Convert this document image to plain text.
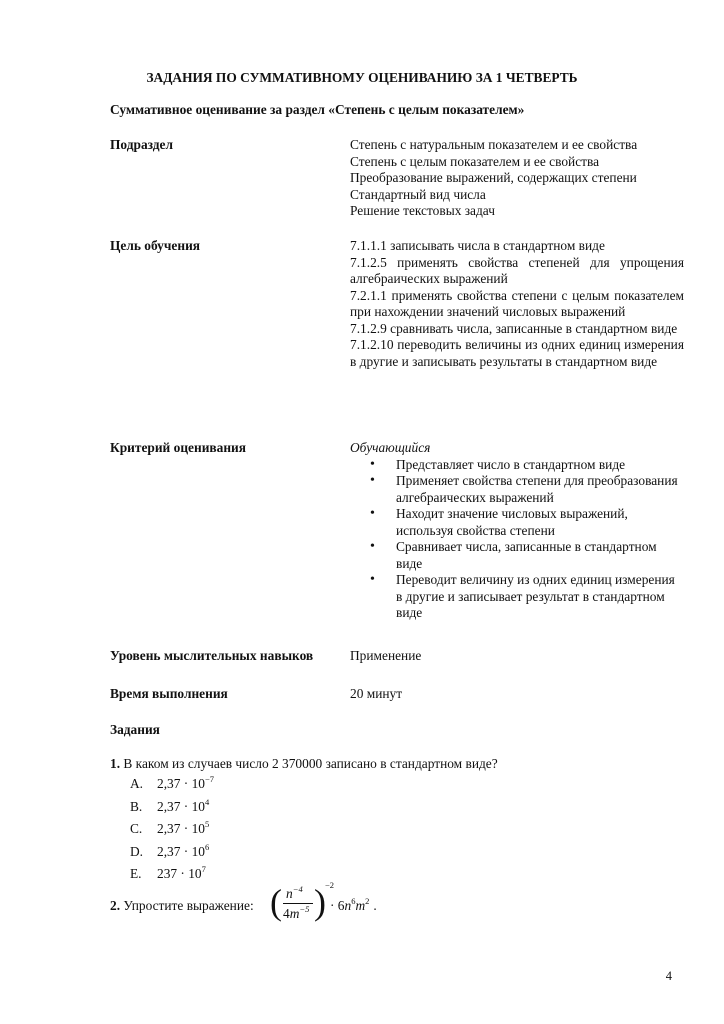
ЗАДАНИЯ ПО СУММАТИВНОМУ ОЦЕНИВАНИЮ ЗА 1 ЧЕТВЕРТЬ
Суммативное оценивание за раздел «Степень с целым показателем»
Подраздел	Степень с натуральным показателем и ее свойства
Степень с целым показателем и ее свойства
Преобразование выражений, содержащих степени
Стандартный вид числа
Решение текстовых задач
Цель обучения	7.1.1.1 записывать числа в стандартном виде
7.1.2.5 применять свойства степеней для упрощения алгебраических выражений
7.2.1.1 применять свойства степени с целым показателем при нахождении значений числовых выражений
7.1.2.9 сравнивать числа, записанные в стандартном виде
7.1.2.10 переводить величины из одних единиц измерения в другие и записывать результаты в стандартном виде
Критерий оценивания	Обучающийся
• Представляет число в стандартном виде
• Применяет свойства степени для преобразования алгебраических выражений
• Находит значение числовых выражений, используя свойства степени
• Сравнивает числа, записанные в стандартном виде
• Переводит величину из одних единиц измерения в другие и записывает результат в стандартном виде
Уровень мыслительных навыков	Применение
Время выполнения	20 минут
Задания
1. В каком из случаев число 2 370000 записано в стандартном виде?
A.	$2,37 \cdot 10^{-7}$
B.	$2,37 \cdot 10^4$
C.	$2,37 \cdot 10^5$
D.	$2,37 \cdot 10^6$
E.	$237 \cdot 10^7$
2. Упростите выражение: ( $n^{-4}$
$4m^{-5}$ ) −2
· $6n^6m^2$ .
4
